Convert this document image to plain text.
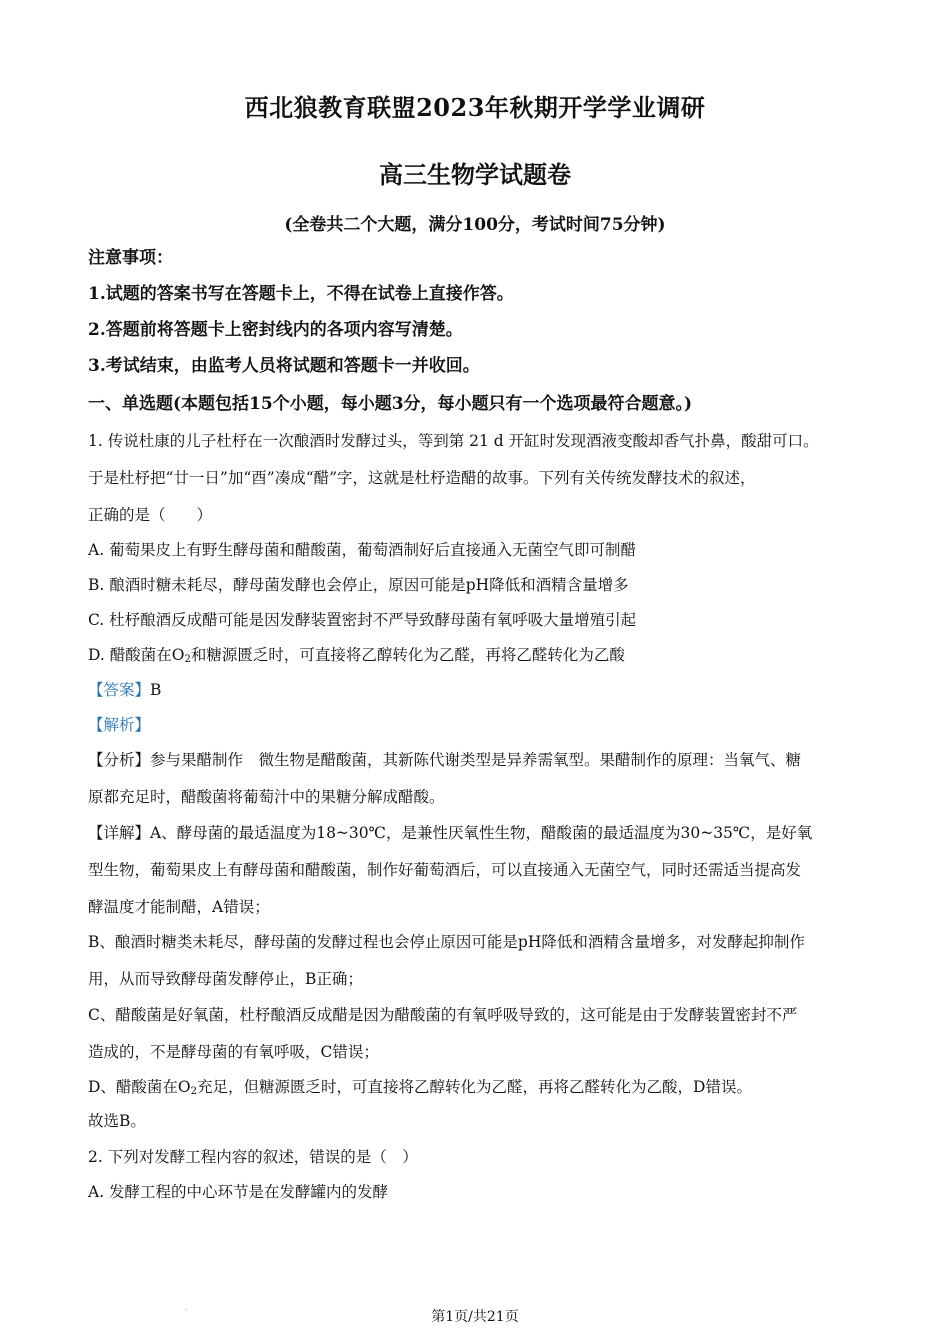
西北狼教育联盟2023年秋期开学学业调研
高三生物学试题卷
(全卷共二个大题，满分100分，考试时间75分钟)
注意事项：
1.试题的答案书写在答题卡上，不得在试卷上直接作答。
2.答题前将答题卡上密封线内的各项内容写清楚。
3.考试结束，由监考人员将试题和答题卡一并收回。
一、单选题(本题包括15个小题，每小题3分，每小题只有一个选项最符合题意。)
1. 传说杜康的儿子杜杼在一次酿酒时发酵过头，等到第 21 d 开缸时发现酒液变酸却香气扑鼻，酸甜可口。
于是杜杼把“廿一日”加“酉”凑成“醋”字，这就是杜杼造醋的故事。下列有关传统发酵技术的叙述，
正确的是（　　）
A. 葡萄果皮上有野生酵母菌和醋酸菌，葡萄酒制好后直接通入无菌空气即可制醋
B. 酿酒时糖未耗尽，酵母菌发酵也会停止，原因可能是pH降低和酒精含量增多
C. 杜杼酿酒反成醋可能是因发酵装置密封不严导致酵母菌有氧呼吸大量增殖引起
D. 醋酸菌在$O_2$和糖源匮乏时，可直接将乙醇转化为乙醛，再将乙醛转化为乙酸
【答案】B
【解析】
【分析】参与果醋制作　微生物是醋酸菌，其新陈代谢类型是异养需氧型。果醋制作的原理：当氧气、糖
原都充足时，醋酸菌将葡萄汁中的果糖分解成醋酸。
【详解】A、酵母菌的最适温度为18~30℃，是兼性厌氧性生物，醋酸菌的最适温度为30~35℃，是好氧
型生物，葡萄果皮上有酵母菌和醋酸菌，制作好葡萄酒后，可以直接通入无菌空气，同时还需适当提高发
酵温度才能制醋，A错误；
B、酿酒时糖类未耗尽，酵母菌的发酵过程也会停止原因可能是pH降低和酒精含量增多，对发酵起抑制作
用，从而导致酵母菌发酵停止，B正确；
C、醋酸菌是好氧菌，杜杼酿酒反成醋是因为醋酸菌的有氧呼吸导致的，这可能是由于发酵装置密封不严
造成的，不是酵母菌的有氧呼吸，C错误；
D、醋酸菌在$O_2$充足，但糖源匮乏时，可直接将乙醇转化为乙醛，再将乙醛转化为乙酸，D错误。
故选B。
2. 下列对发酵工程内容的叙述，错误的是（　）
A. 发酵工程的中心环节是在发酵罐内的发酵
.
第1页/共21页
